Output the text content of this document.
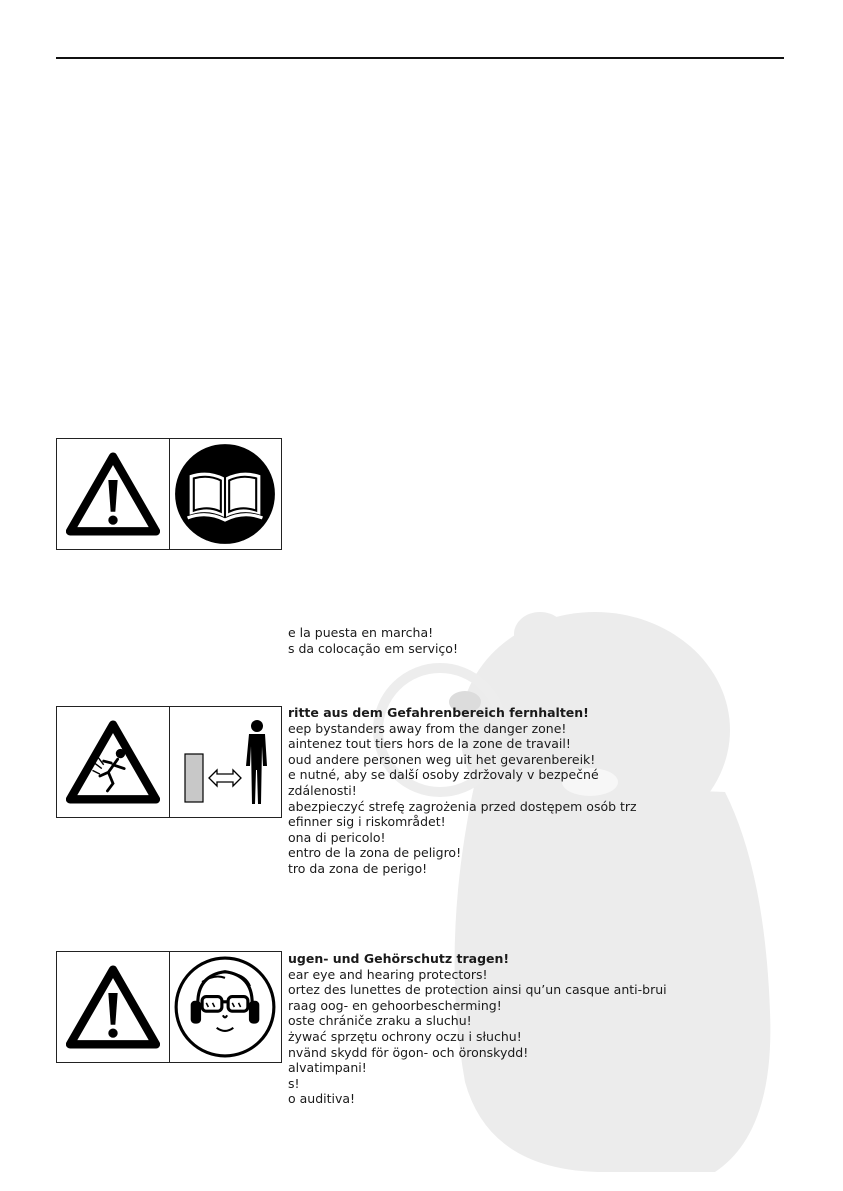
e la puesta en marcha!
s da colocação em serviço!
ritte aus dem Gefahrenbereich fernhalten!
eep bystanders away from the danger zone!
aintenez tout tiers hors de la zone de travail!
oud andere personen weg uit het gevarenbereik!
e nutné, aby se další osoby zdržovaly v bezpečné
zdálenosti!
abezpieczyć strefę zagrożenia przed dostępem osób trz
efinner sig i riskområdet!
ona di pericolo!
entro de la zona de peligro!
tro da zona de perigo!
ugen- und Gehörschutz tragen!
ear eye and hearing protectors!
ortez des lunettes de protection ainsi qu’un casque anti-brui
raag oog- en gehoorbescherming!
oste chrániče zraku a sluchu!
żywać sprzętu ochrony oczu i słuchu!
nvänd skydd för ögon- och öronskydd!
alvatimpani!
s!
o auditiva!
